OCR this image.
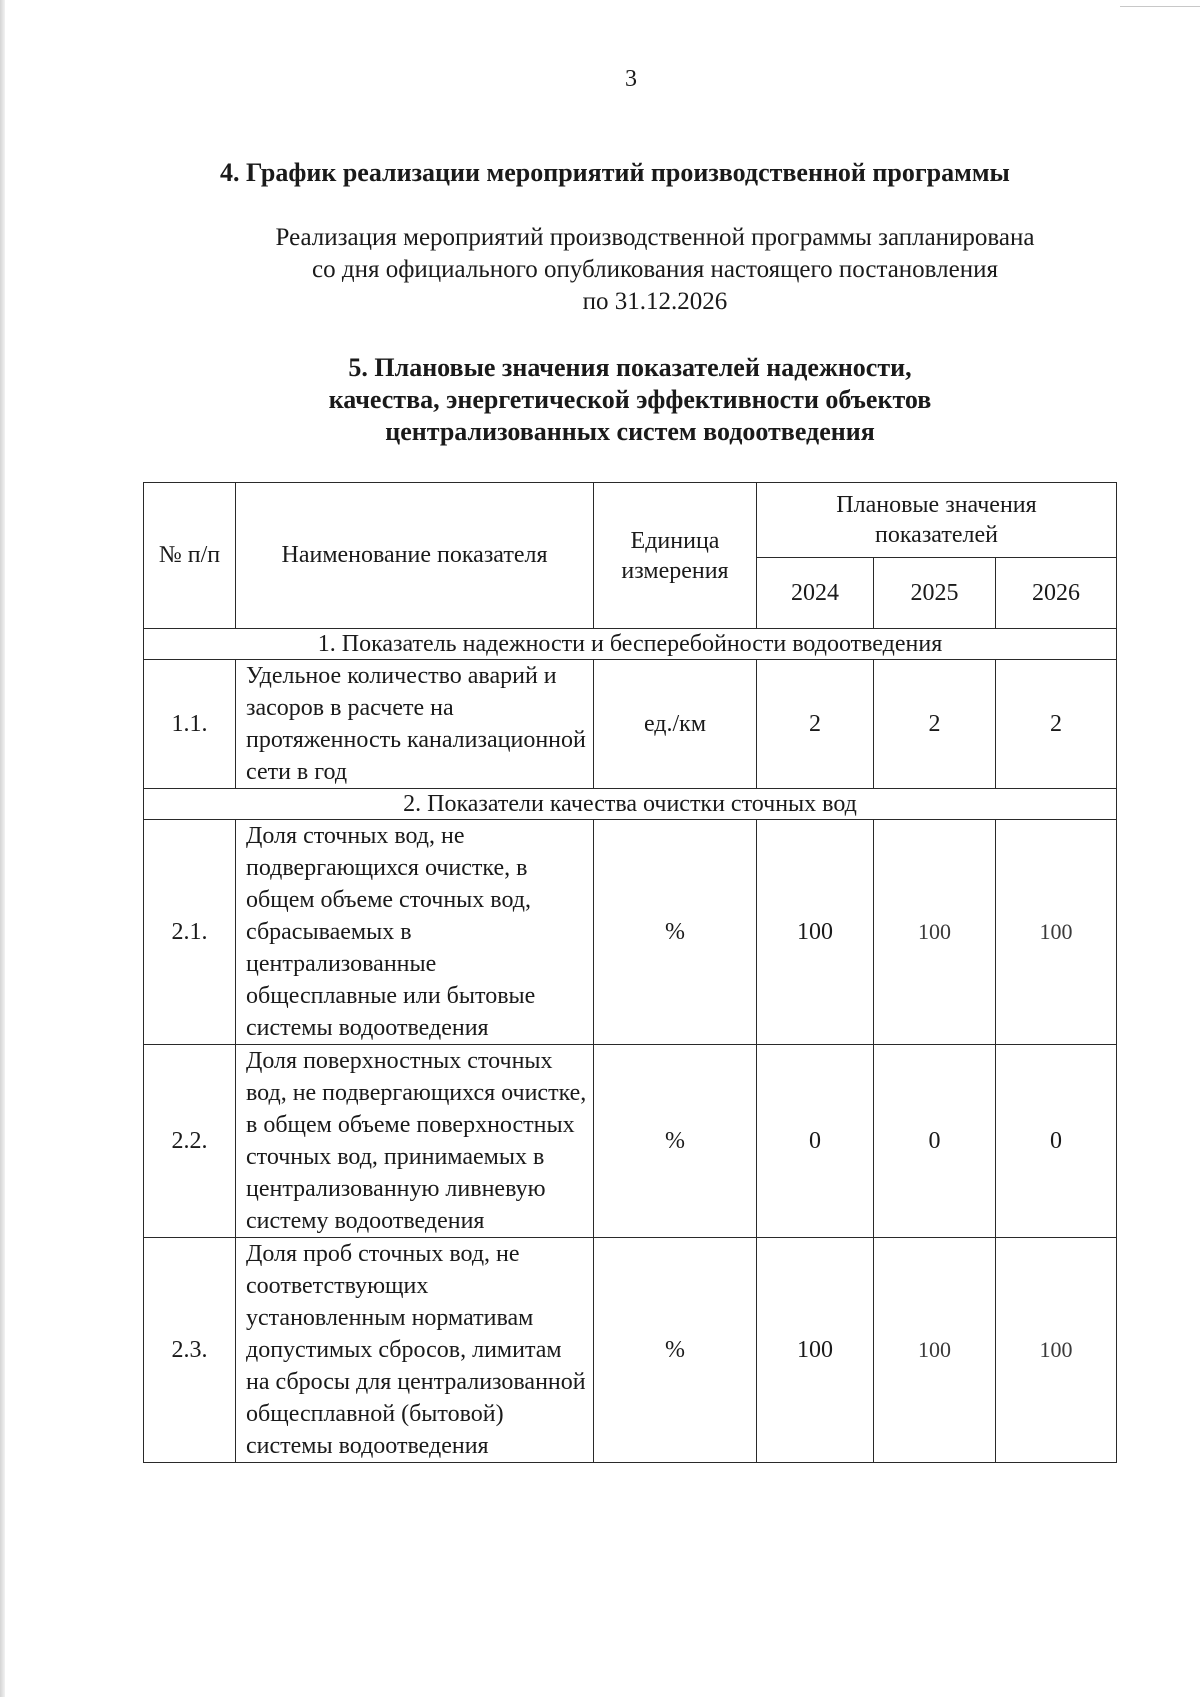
3
4. График реализации мероприятий производственной программы
Реализация мероприятий производственной программы запланирована
со дня официального опубликования настоящего постановления
по 31.12.2026
5. Плановые значения показателей надежности,
качества, энергетической эффективности объектов
централизованных систем водоотведения
№ п/п	Наименование показателя	Единица измерения	Плановые значения показателей		
			2024	2025	2026
1. Показатель надежности и бесперебойности водоотведения					
1.1.	Удельное количество аварий и засоров в расчете на протяженность канализационной сети в год	ед./км	2	2	2
2. Показатели качества очистки сточных вод					
2.1.	Доля сточных вод, не подвергающихся очистке, в общем объеме сточных вод, сбрасываемых в централизованные общесплавные или бытовые системы водоотведения	%	100	100	100
2.2.	Доля поверхностных сточных вод, не подвергающихся очистке, в общем объеме поверхностных сточных вод, принимаемых в централизованную ливневую систему водоотведения	%	0	0	0
2.3.	Доля проб сточных вод, не соответствующих установленным нормативам допустимых сбросов, лимитам на сбросы для централизованной общесплавной (бытовой) системы водоотведения	%	100	100	100
